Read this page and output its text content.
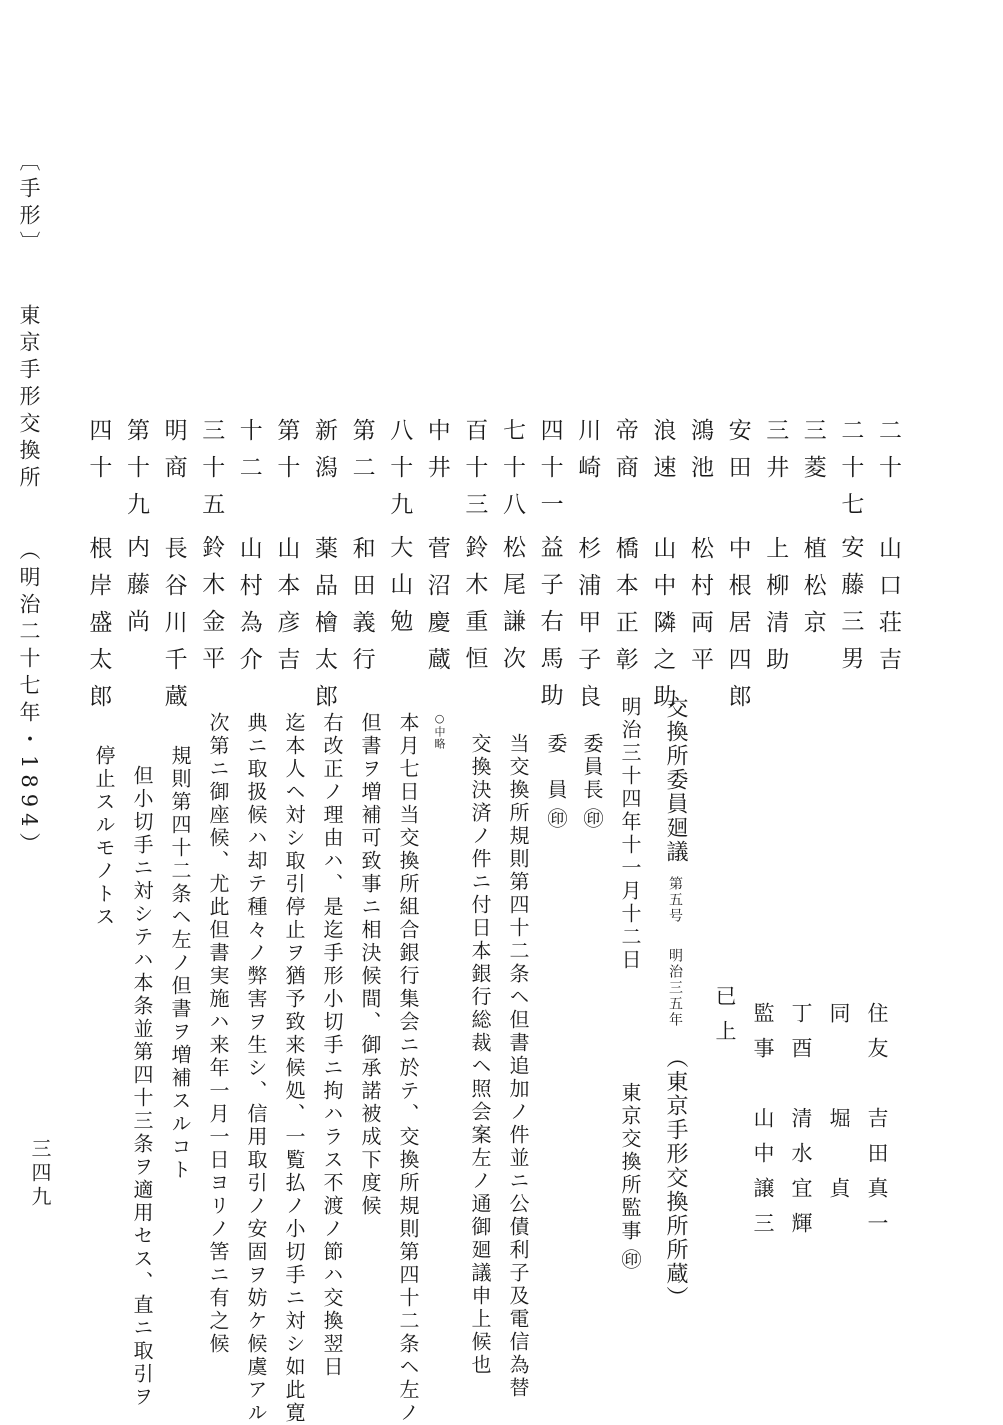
〔手形〕東京手形交換所（明治二十七年・1894）
三四九
二十山口荘吉
二十七安藤三男
三菱植松京
三井上柳清助
安田中根居四郎
鴻池松村両平
浪速山中隣之助
帝商橋本正彰
川崎杉浦甲子良
四十一益子右馬助
七十八松尾謙次
百十三鈴木重恒
中井菅沼慶蔵
八十九大山勉
第二和田義行
新潟薬品檜太郎
第十山本彦吉
十二山村為介
三十五鈴木金平
明商長谷川千蔵
第十九内藤尚
四十根岸盛太郎
住友　吉田真一
同　　堀　貞
丁酉　清水宜輝
監事　山中譲三
已上
交換所委員廻議第五号明治三五年（東京手形交換所所蔵）
明治三十四年十一月十二日東京交換所監事㊞
委員長㊞
委　員㊞
当交換所規則第四十二条ヘ但書追加ノ件並ニ公債利子及電信為替
交換決済ノ件ニ付日本銀行総裁ヘ照会案左ノ通御廻議申上候也
○中略
本月七日当交換所組合銀行集会ニ於テ、交換所規則第四十二条ヘ左ノ
但書ヲ増補可致事ニ相決候間、御承諾被成下度候
右改正ノ理由ハ、是迄手形小切手ニ拘ハラス不渡ノ節ハ交換翌日
迄本人ヘ対シ取引停止ヲ猶予致来候処、一覧払ノ小切手ニ対シ如此寛
典ニ取扱候ハ却テ種々ノ弊害ヲ生シ、信用取引ノ安固ヲ妨ケ候虞アル
次第ニ御座候、尤此但書実施ハ来年一月一日ヨリノ筈ニ有之候
規則第四十二条ヘ左ノ但書ヲ増補スルコト
但小切手ニ対シテハ本条並第四十三条ヲ適用セス、直ニ取引ヲ
停止スルモノトス
